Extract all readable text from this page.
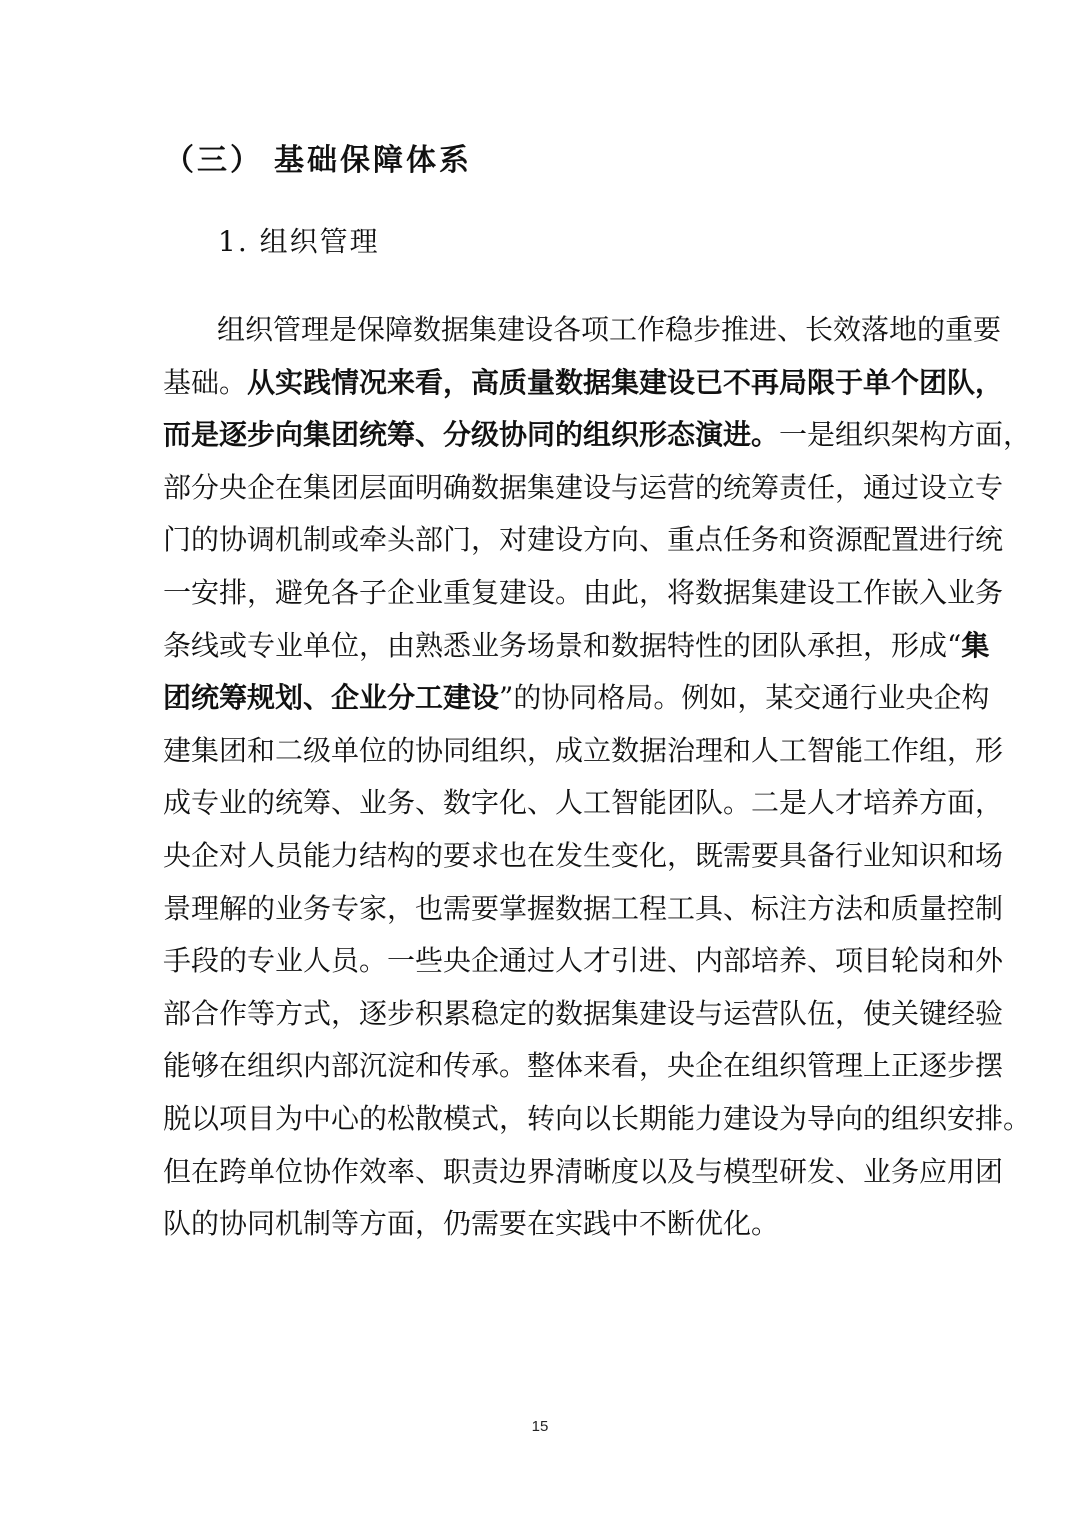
（三） 基础保障体系
1. 组织管理
组织管理是保障数据集建设各项工作稳步推进、长效落地的重要
基础。从实践情况来看，高质量数据集建设已不再局限于单个团队，
而是逐步向集团统筹、分级协同的组织形态演进。一是组织架构方面，
部分央企在集团层面明确数据集建设与运营的统筹责任，通过设立专
门的协调机制或牵头部门，对建设方向、重点任务和资源配置进行统
一安排，避免各子企业重复建设。由此，将数据集建设工作嵌入业务
条线或专业单位，由熟悉业务场景和数据特性的团队承担，形成“集
团统筹规划、企业分工建设”的协同格局。例如，某交通行业央企构
建集团和二级单位的协同组织，成立数据治理和人工智能工作组，形
成专业的统筹、业务、数字化、人工智能团队。二是人才培养方面，
央企对人员能力结构的要求也在发生变化，既需要具备行业知识和场
景理解的业务专家，也需要掌握数据工程工具、标注方法和质量控制
手段的专业人员。一些央企通过人才引进、内部培养、项目轮岗和外
部合作等方式，逐步积累稳定的数据集建设与运营队伍，使关键经验
能够在组织内部沉淀和传承。整体来看，央企在组织管理上正逐步摆
脱以项目为中心的松散模式，转向以长期能力建设为导向的组织安排。
但在跨单位协作效率、职责边界清晰度以及与模型研发、业务应用团
队的协同机制等方面，仍需要在实践中不断优化。
15
